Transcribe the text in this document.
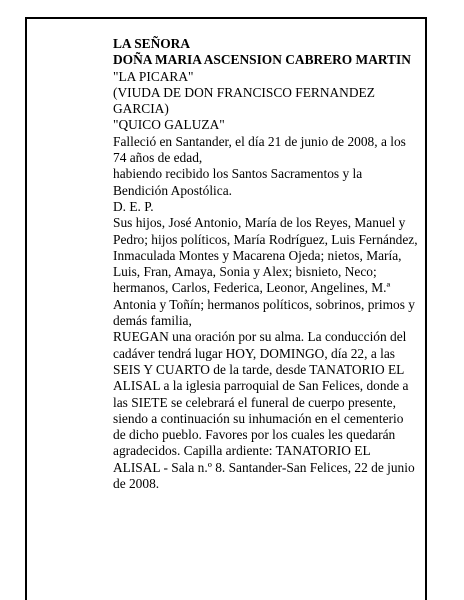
LA SEÑORA

DOÑA MARIA ASCENSION CABRERO MARTIN

"LA PICARA"

(VIUDA DE DON FRANCISCO FERNANDEZ GARCIA)

"QUICO GALUZA"

Falleció en Santander, el día 21 de junio de 2008, a los 74 años de edad,

habiendo recibido los Santos Sacramentos y la Bendición Apostólica.

D. E. P.

Sus hijos, José Antonio, María de los Reyes, Manuel y Pedro; hijos políticos, María Rodríguez, Luis Fernández, Inmaculada Montes y Macarena Ojeda; nietos, María, Luis, Fran, Amaya, Sonia y Alex; bisnieto, Neco; hermanos, Carlos, Federica, Leonor, Angelines, M.ª Antonia y Toñín; hermanos políticos, sobrinos, primos y demás familia,

RUEGAN una oración por su alma. La conducción del cadáver tendrá lugar HOY, DOMINGO, día 22, a las SEIS Y CUARTO de la tarde, desde TANATORIO EL ALISAL a la iglesia parroquial de San Felices, donde a las SIETE se celebrará el funeral de cuerpo presente, siendo a continuación su inhumación en el cementerio de dicho pueblo. Favores por los cuales les quedarán agradecidos. Capilla ardiente: TANATORIO EL ALISAL - Sala n.º 8. Santander-San Felices, 22 de junio de 2008.
